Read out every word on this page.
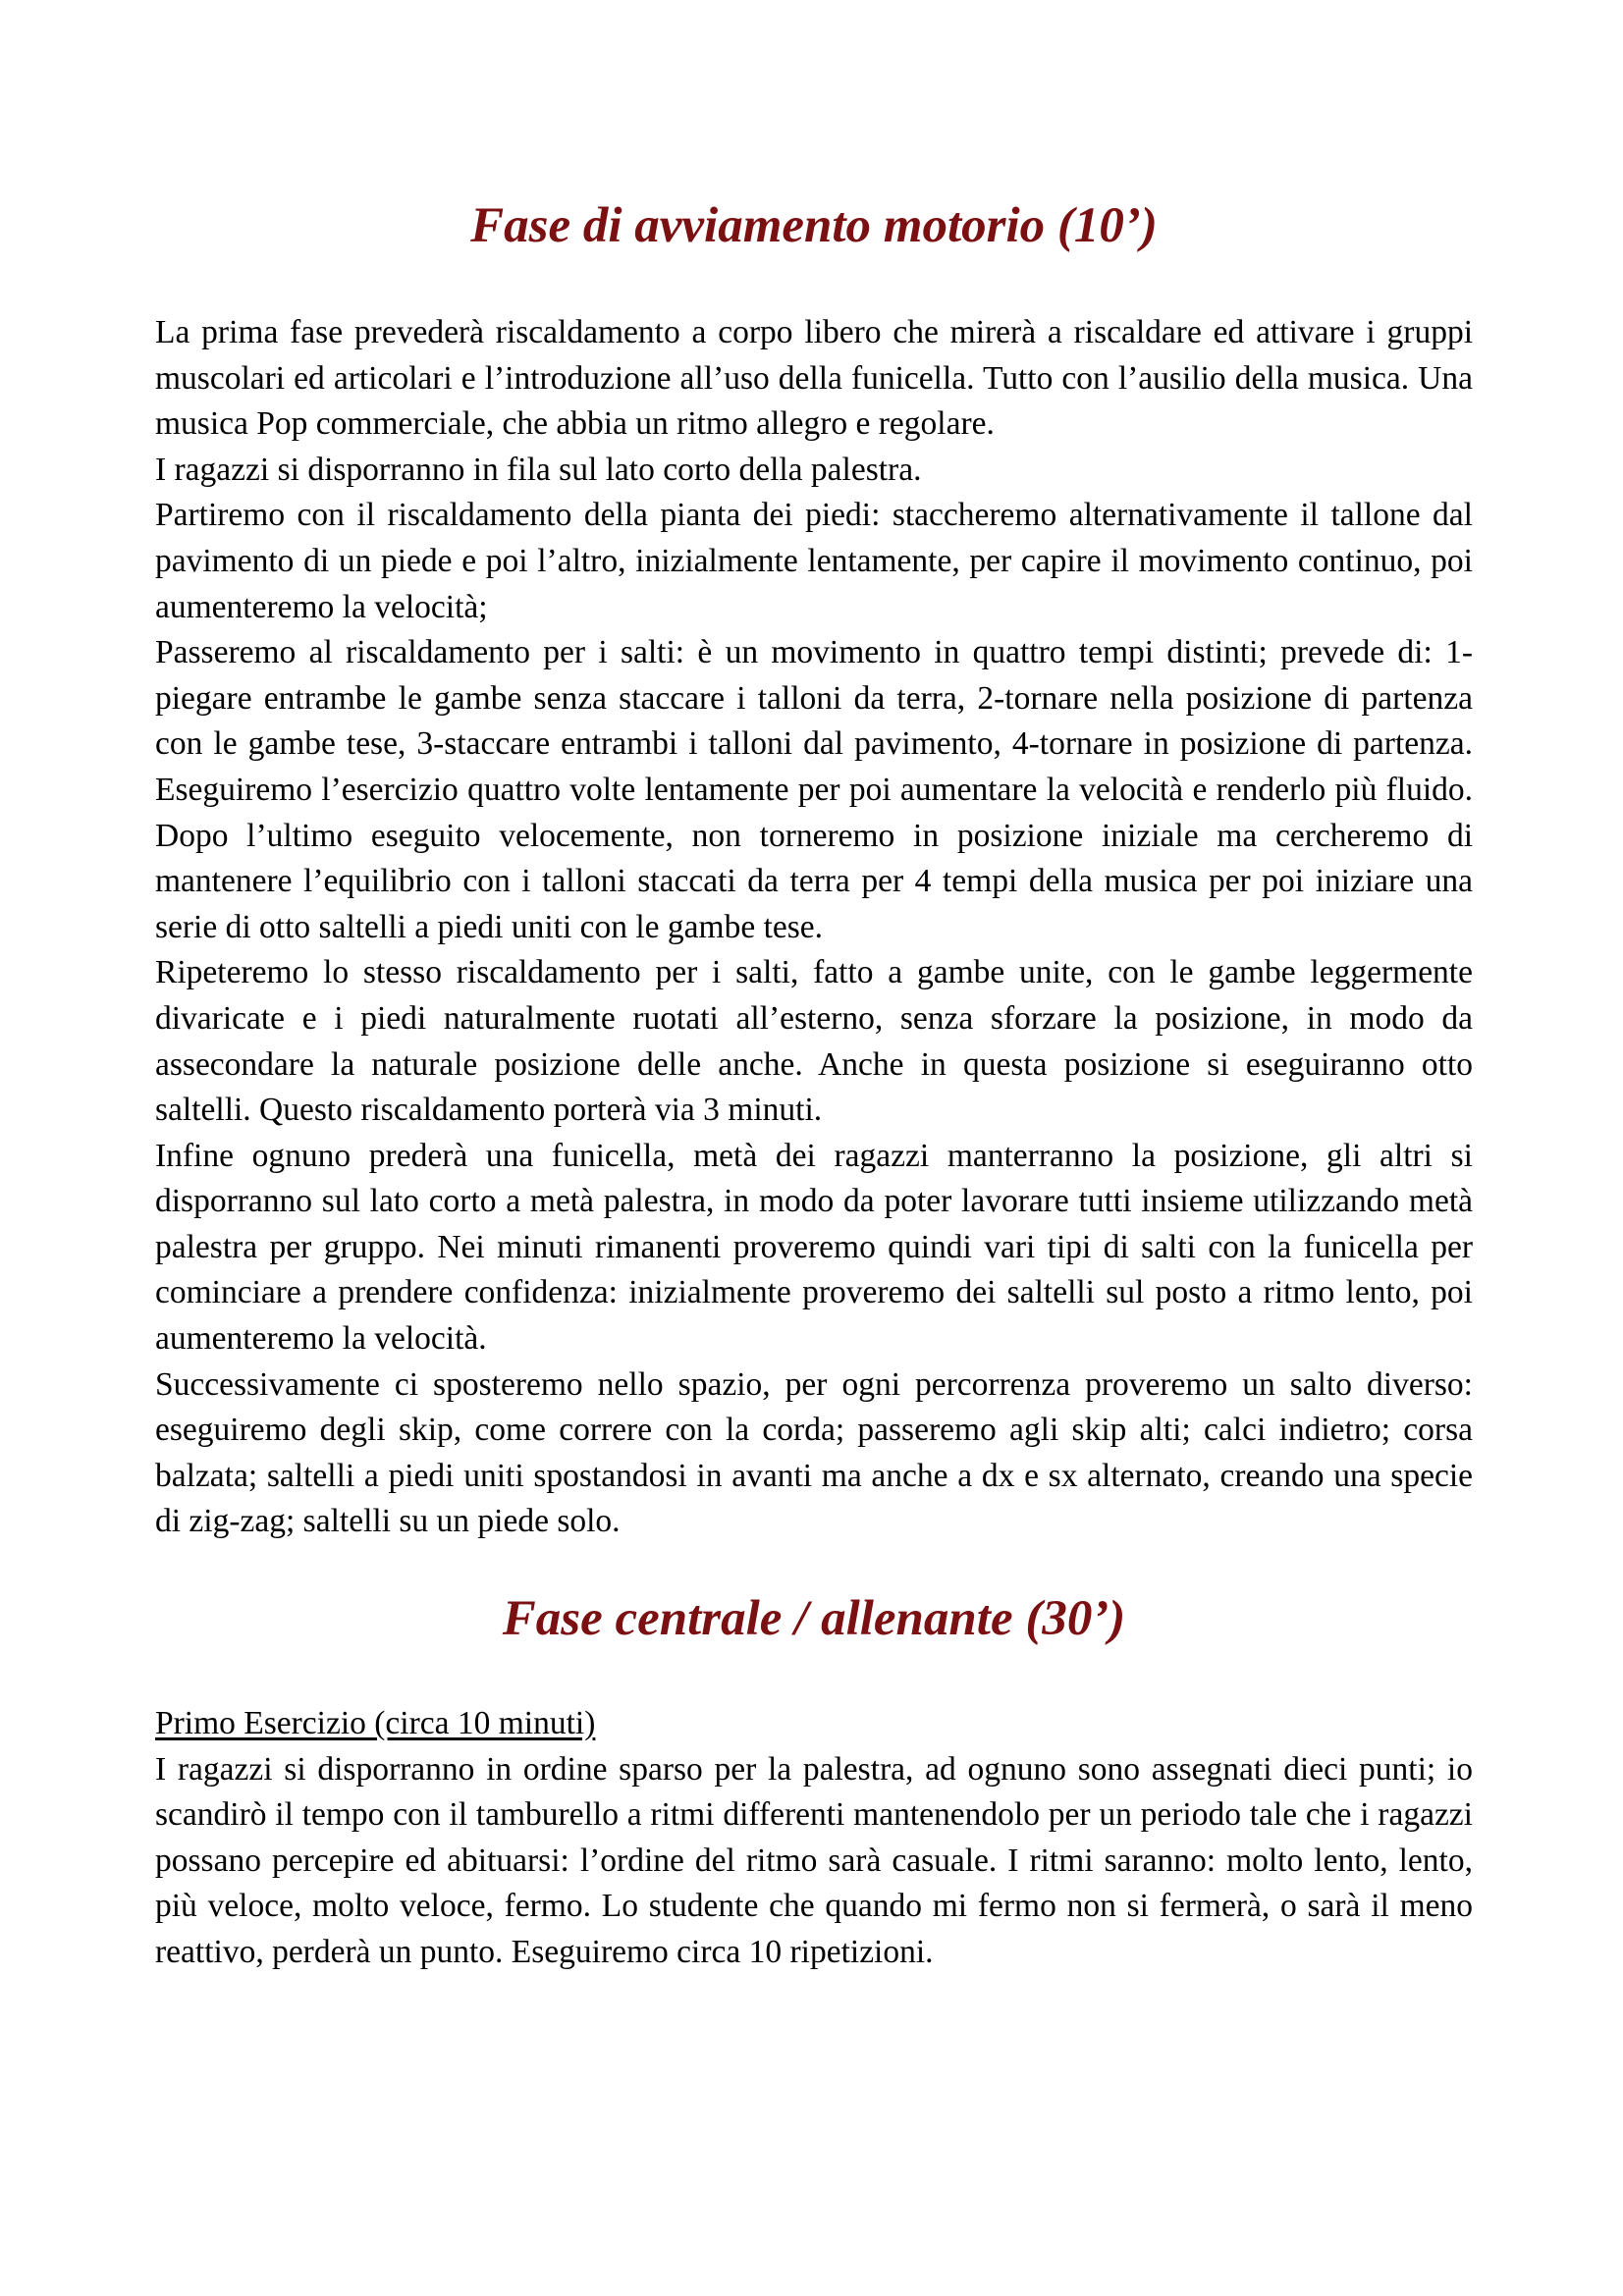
Fase di avviamento motorio (10’)

La prima fase prevederà riscaldamento a corpo libero che mirerà a riscaldare ed attivare i gruppi muscolari ed articolari e l’introduzione all’uso della funicella. Tutto con l’ausilio della musica. Una musica Pop commerciale, che abbia un ritmo allegro e regolare.

I ragazzi si disporranno in fila sul lato corto della palestra.

Partiremo con il riscaldamento della pianta dei piedi: staccheremo alternativamente il tallone dal pavimento di un piede e poi l’altro, inizialmente lentamente, per capire il movimento continuo, poi aumenteremo la velocità;

Passeremo al riscaldamento per i salti: è un movimento in quattro tempi distinti; prevede di: 1-piegare entrambe le gambe senza staccare i talloni da terra, 2-tornare nella posizione di partenza con le gambe tese, 3-staccare entrambi i talloni dal pavimento, 4-tornare in posizione di partenza. Eseguiremo l’esercizio quattro volte lentamente per poi aumentare la velocità e renderlo più fluido. Dopo l’ultimo eseguito velocemente, non torneremo in posizione iniziale ma cercheremo di mantenere l’equilibrio con i talloni staccati da terra per 4 tempi della musica per poi iniziare una serie di otto saltelli a piedi uniti con le gambe tese.

Ripeteremo lo stesso riscaldamento per i salti, fatto a gambe unite, con le gambe leggermente divaricate e i piedi naturalmente ruotati all’esterno, senza sforzare la posizione, in modo da assecondare la naturale posizione delle anche. Anche in questa posizione si eseguiranno otto saltelli. Questo riscaldamento porterà via 3 minuti.

Infine ognuno prederà una funicella, metà dei ragazzi manterranno la posizione, gli altri si disporranno sul lato corto a metà palestra, in modo da poter lavorare tutti insieme utilizzando metà palestra per gruppo. Nei minuti rimanenti proveremo quindi vari tipi di salti con la funicella per cominciare a prendere confidenza: inizialmente proveremo dei saltelli sul posto a ritmo lento, poi aumenteremo la velocità.

Successivamente ci sposteremo nello spazio, per ogni percorrenza proveremo un salto diverso: eseguiremo degli skip, come correre con la corda; passeremo agli skip alti; calci indietro; corsa balzata; saltelli a piedi uniti spostandosi in avanti ma anche a dx e sx alternato, creando una specie di zig-zag; saltelli su un piede solo.

Fase centrale / allenante (30’)
Primo Esercizio (circa 10 minuti)

I ragazzi si disporranno in ordine sparso per la palestra, ad ognuno sono assegnati dieci punti; io scandirò il tempo con il tamburello a ritmi differenti mantenendolo per un periodo tale che i ragazzi possano percepire ed abituarsi: l’ordine del ritmo sarà casuale. I ritmi saranno: molto lento, lento, più veloce, molto veloce, fermo. Lo studente che quando mi fermo non si fermerà, o sarà il meno reattivo, perderà un punto. Eseguiremo circa 10 ripetizioni.
